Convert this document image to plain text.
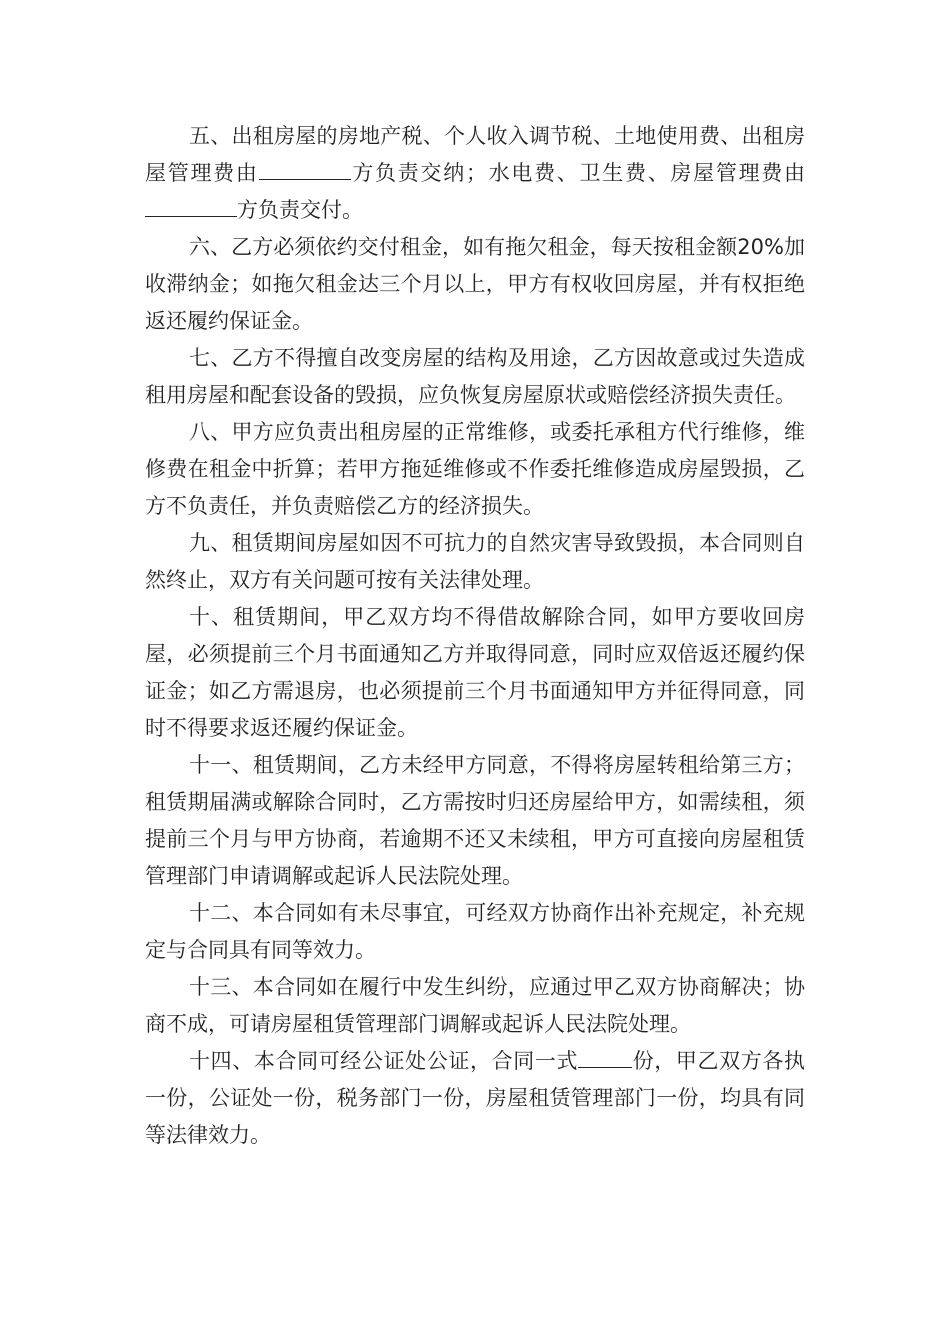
五、出租房屋的房地产税、个人收入调节税、土地使用费、出租房屋管理费由	方负责交纳；水电费、卫生费、房屋管理费由方负责交付。

六、乙方必须依约交付租金，如有拖欠租金，每天按租金额20%加收滞纳金；如拖欠租金达三个月以上，甲方有权收回房屋，并有权拒绝返还履约保证金。

七、乙方不得擅自改变房屋的结构及用途，乙方因故意或过失造成租用房屋和配套设备的毁损，应负恢复房屋原状或赔偿经济损失责任。

八、甲方应负责出租房屋的正常维修，或委托承租方代行维修，维修费在租金中折算；若甲方拖延维修或不作委托维修造成房屋毁损，乙方不负责任，并负责赔偿乙方的经济损失。

九、租赁期间房屋如因不可抗力的自然灾害导致毁损，本合同则自然终止，双方有关问题可按有关法律处理。

十、租赁期间，甲乙双方均不得借故解除合同，如甲方要收回房屋，必须提前三个月书面通知乙方并取得同意，同时应双倍返还履约保证金；如乙方需退房，也必须提前三个月书面通知甲方并征得同意，同时不得要求返还履约保证金。

十一、租赁期间，乙方未经甲方同意，不得将房屋转租给第三方；租赁期届满或解除合同时，乙方需按时归还房屋给甲方，如需续租，须提前三个月与甲方协商，若逾期不还又未续租，甲方可直接向房屋租赁管理部门申请调解或起诉人民法院处理。

十二、本合同如有未尽事宜，可经双方协商作出补充规定，补充规定与合同具有同等效力。

十三、本合同如在履行中发生纠纷，应通过甲乙双方协商解决；协商不成，可请房屋租赁管理部门调解或起诉人民法院处理。

十四、本合同可经公证处公证，合同一式	份，甲乙双方各执一份，公证处一份，税务部门一份，房屋租赁管理部门一份，均具有同等法律效力。
